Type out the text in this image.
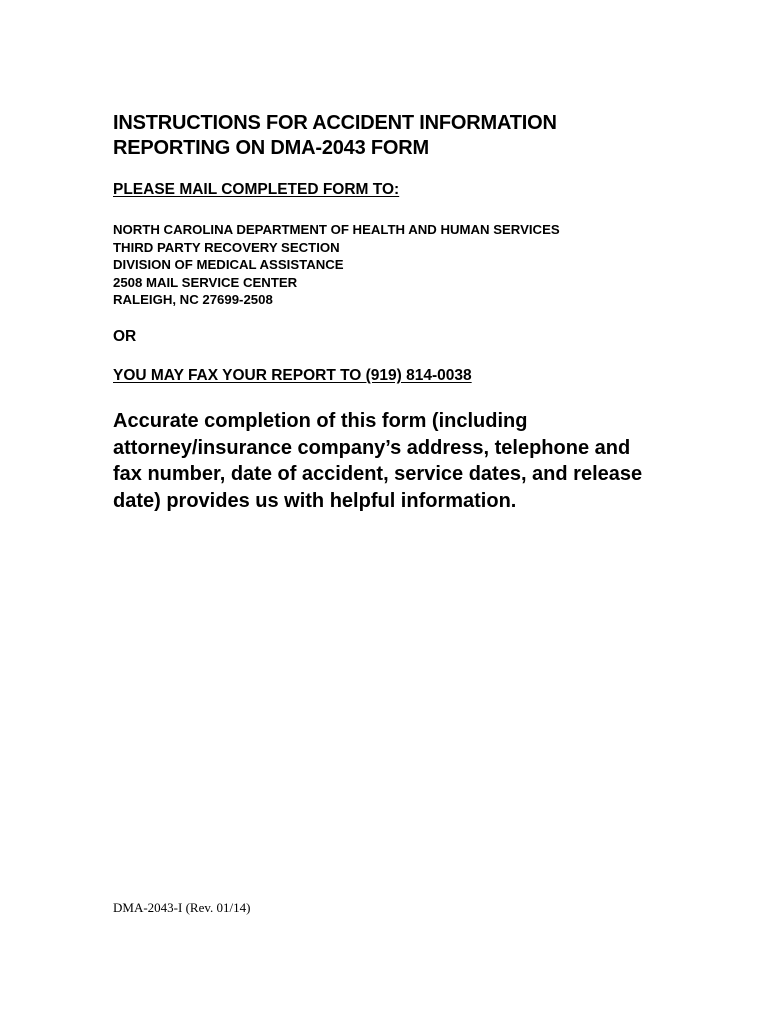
INSTRUCTIONS FOR ACCIDENT INFORMATION
REPORTING ON DMA-2043 FORM

PLEASE MAIL COMPLETED FORM TO:

NORTH CAROLINA DEPARTMENT OF HEALTH AND HUMAN SERVICES
THIRD PARTY RECOVERY SECTION
DIVISION OF MEDICAL ASSISTANCE
2508 MAIL SERVICE CENTER
RALEIGH, NC 27699-2508

OR

YOU MAY FAX YOUR REPORT TO (919) 814-0038

Accurate completion of this form (including
attorney/insurance company’s address, telephone and
fax number, date of accident, service dates, and release
date) provides us with helpful information.

DMA-2043-I (Rev. 01/14)
